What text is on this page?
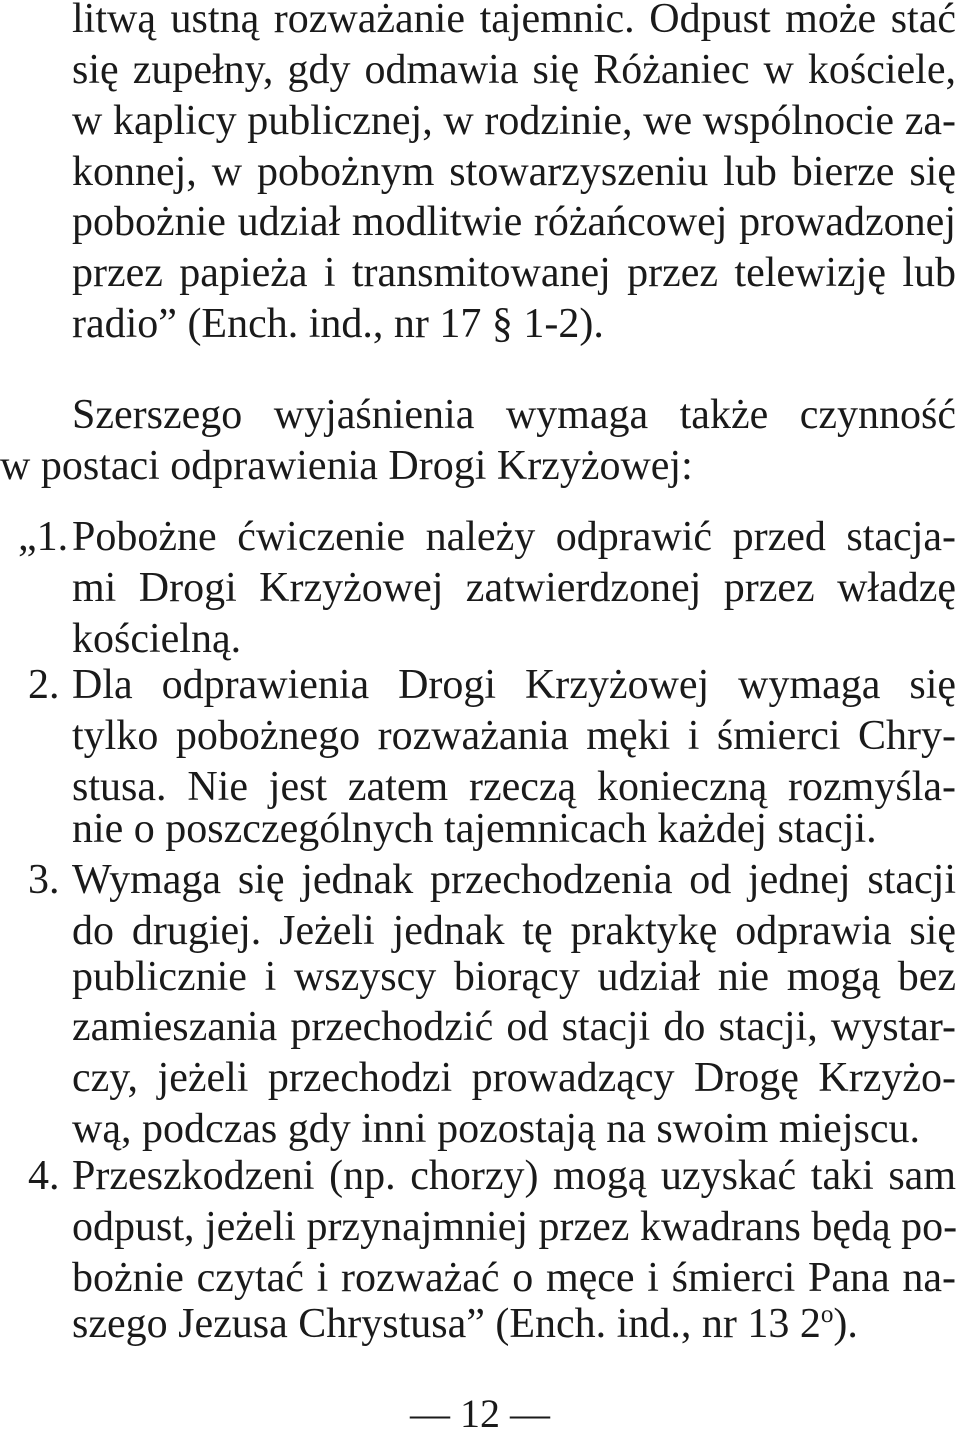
litwą ustną rozważanie tajemnic. Odpust może stać
się zupełny, gdy odmawia się Różaniec w kościele,
w kaplicy publicznej, w rodzinie, we wspólnocie za-
konnej, w pobożnym stowarzyszeniu lub bierze się
pobożnie udział modlitwie różańcowej prowadzonej
przez papieża i transmitowanej przez telewizję lub
radio” (Ench. ind., nr 17 § 1-2).
Szerszego wyjaśnienia wymaga także czynność
w postaci odprawienia Drogi Krzyżowej:
„1. Pobożne ćwiczenie należy odprawić przed stacja-
mi Drogi Krzyżowej zatwierdzonej przez władzę
kościelną.
2. Dla odprawienia Drogi Krzyżowej wymaga się
tylko pobożnego rozważania męki i śmierci Chry-
stusa. Nie jest zatem rzeczą konieczną rozmyśla-
nie o poszczególnych tajemnicach każdej stacji.
3. Wymaga się jednak przechodzenia od jednej stacji
do drugiej. Jeżeli jednak tę praktykę odprawia się
publicznie i wszyscy biorący udział nie mogą bez
zamieszania przechodzić od stacji do stacji, wystar-
czy, jeżeli przechodzi prowadzący Drogę Krzyżo-
wą, podczas gdy inni pozostają na swoim miejscu.
4. Przeszkodzeni (np. chorzy) mogą uzyskać taki sam
odpust, jeżeli przynajmniej przez kwadrans będą po-
bożnie czytać i rozważać o męce i śmierci Pana na-
szego Jezusa Chrystusa” (Ench. ind., nr 13 2$^o$).
— 12 —
